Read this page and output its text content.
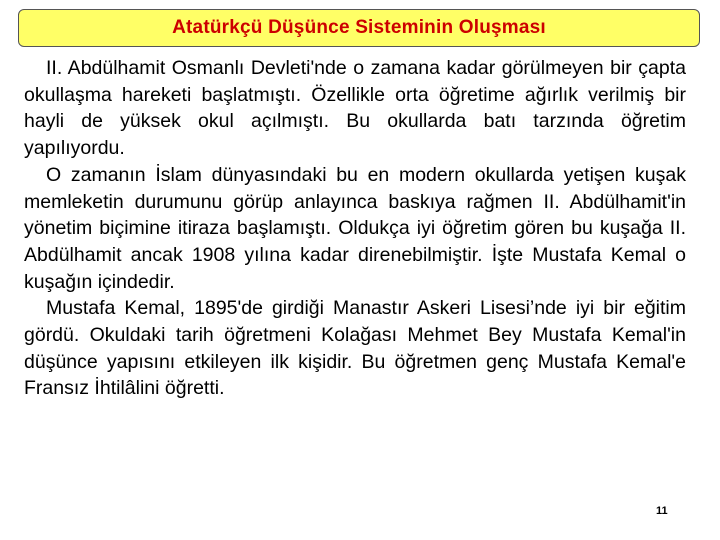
Atatürkçü Düşünce Sisteminin Oluşması

II. Abdülhamit Osmanlı Devleti'nde o zamana kadar görülmeyen bir çapta okullaşma hareketi başlatmıştı. Özellikle orta öğretime ağırlık verilmiş bir hayli de yüksek okul açılmıştı. Bu okullarda batı tarzında öğretim yapılıyordu.

O zamanın İslam dünyasındaki bu en modern okullarda yetişen kuşak memleketin durumunu görüp anlayınca baskıya rağmen II. Abdülhamit'in yönetim biçimine itiraza başlamıştı. Oldukça iyi öğretim gören bu kuşağa II. Abdülhamit ancak 1908 yılına kadar direnebilmiştir. İşte Mustafa Kemal o kuşağın içindedir.

Mustafa Kemal, 1895'de girdiği Manastır Askeri Lisesi’nde iyi bir eğitim gördü. Okuldaki tarih öğretmeni Kolağası Mehmet Bey Mustafa Kemal'in düşünce yapısını etkileyen ilk kişidir. Bu öğretmen genç Mustafa Kemal'e Fransız İhtilâlini öğretti.

11
